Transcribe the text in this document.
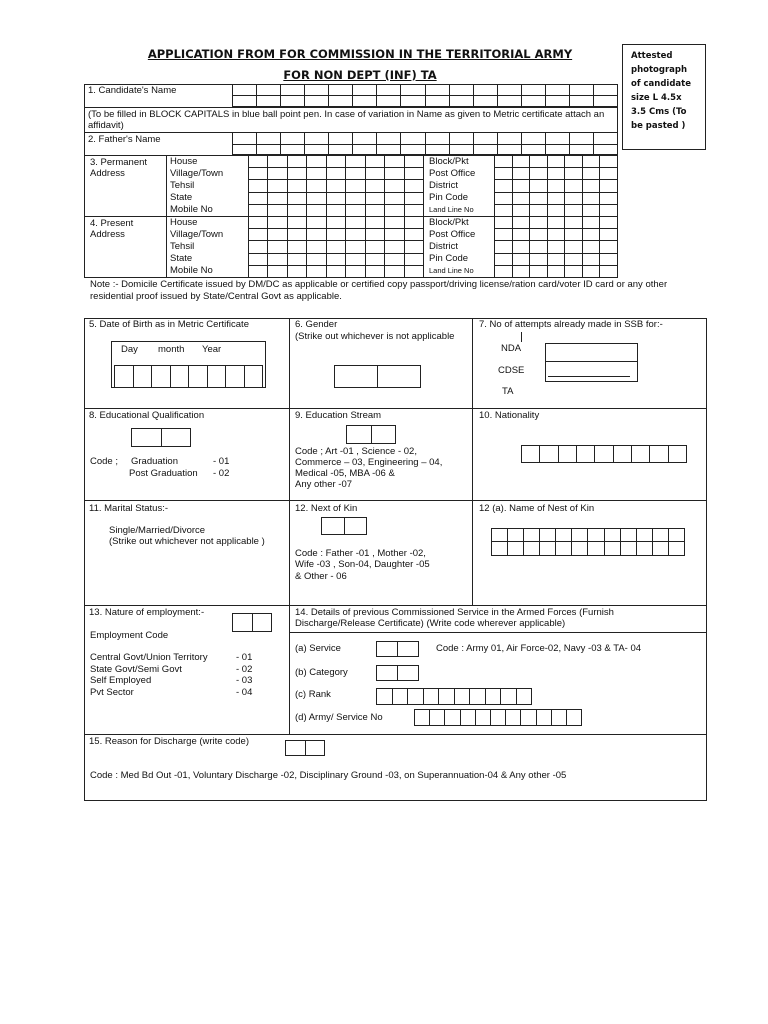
APPLICATION FROM FOR COMMISSION IN THE TERRITORIAL ARMY
FOR NON DEPT (INF) TA
Attested photograph of candidate size L 4.5x 3.5 Cms (To be pasted )
1. Candidate's Name
(To be filled in BLOCK CAPITALS in blue ball point pen. In case of variation in Name as given to Metric certificate attach an affidavit)
2. Father's Name
3. Permanent Address
House	Block/Pkt
Village/Town	Post Office
Tehsil	District
State	Pin Code
Mobile No	Land Line No
4. Present Address
House	Block/Pkt
Village/Town	Post Office
Tehsil	District
State	Pin Code
Mobile No	Land Line No
Note :- Domicile Certificate issued by DM/DC as applicable or certified copy passport/driving license/ration card/voter ID card or any other residential proof issued by State/Central Govt as applicable.
5. Date of Birth as in Metric Certificate
Day month Year
6. Gender
(Strike out whichever is not applicable
7. No of attempts already made in SSB for:-
NDA
CDSE
TA
8. Educational Qualification
Code ; Graduation	- 01
Post Graduation - 02
9. Education Stream
Code ; Art -01 , Science - 02,
Commerce – 03, Engineering – 04,
Medical -05, MBA -06 &
Any other -07
10. Nationality
11. Marital Status:-
Single/Married/Divorce
(Strike out whichever not applicable )
12. Next of Kin
Code : Father -01 , Mother -02,
Wife -03 , Son-04, Daughter -05
& Other - 06
12 (a). Name of Nest of Kin
13. Nature of employment:-
Employment Code
Central Govt/Union Territory	- 01
State Govt/Semi Govt	- 02
Self Employed	- 03
Pvt Sector	- 04
14. Details of previous Commissioned Service in the Armed Forces (Furnish
Discharge/Release Certificate) (Write code wherever applicable)
(a) Service	Code : Army 01, Air Force-02, Navy -03 & TA- 04
(b) Category
(c) Rank
(d) Army/ Service No
15. Reason for Discharge (write code)
Code : Med Bd Out -01, Voluntary Discharge -02, Disciplinary Ground -03, on Superannuation-04 & Any other -05
